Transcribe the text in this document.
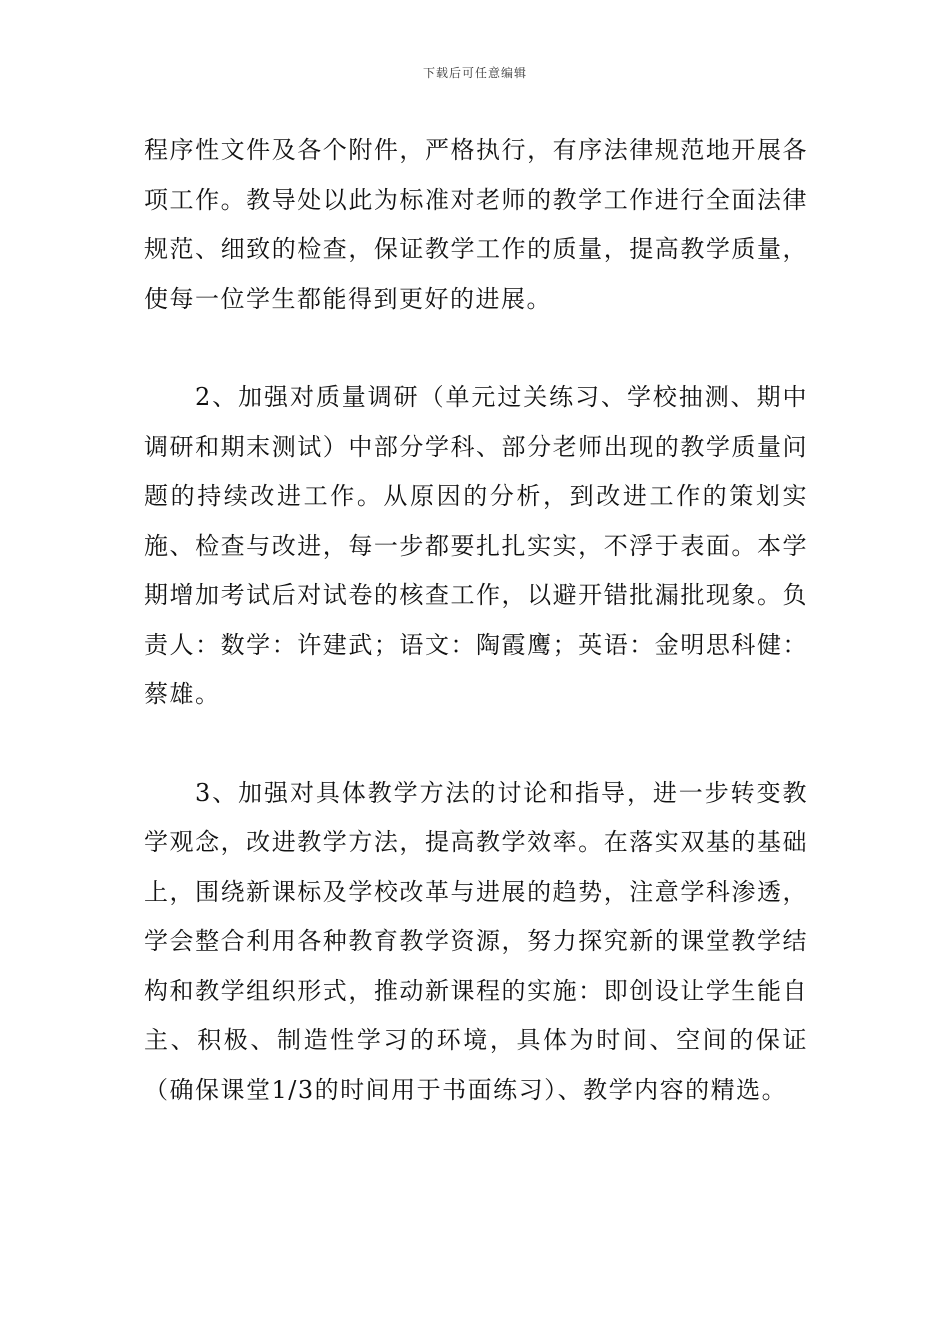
下载后可任意编辑

程序性文件及各个附件，严格执行，有序法律规范地开展各项工作。教导处以此为标准对老师的教学工作进行全面法律规范、细致的检查，保证教学工作的质量，提高教学质量，使每一位学生都能得到更好的进展。

2、加强对质量调研（单元过关练习、学校抽测、期中调研和期末测试）中部分学科、部分老师出现的教学质量问题的持续改进工作。从原因的分析，到改进工作的策划实施、检查与改进，每一步都要扎扎实实，不浮于表面。本学期增加考试后对试卷的核查工作，以避开错批漏批现象。负责人：数学：许建武；语文：陶霞鹰；英语：金明思科健：蔡雄。

3、加强对具体教学方法的讨论和指导，进一步转变教学观念，改进教学方法，提高教学效率。在落实双基的基础上，围绕新课标及学校改革与进展的趋势，注意学科渗透，学会整合利用各种教育教学资源，努力探究新的课堂教学结构和教学组织形式，推动新课程的实施：即创设让学生能自主、积极、制造性学习的环境，具体为时间、空间的保证（确保课堂1/3的时间用于书面练习）、教学内容的精选。
